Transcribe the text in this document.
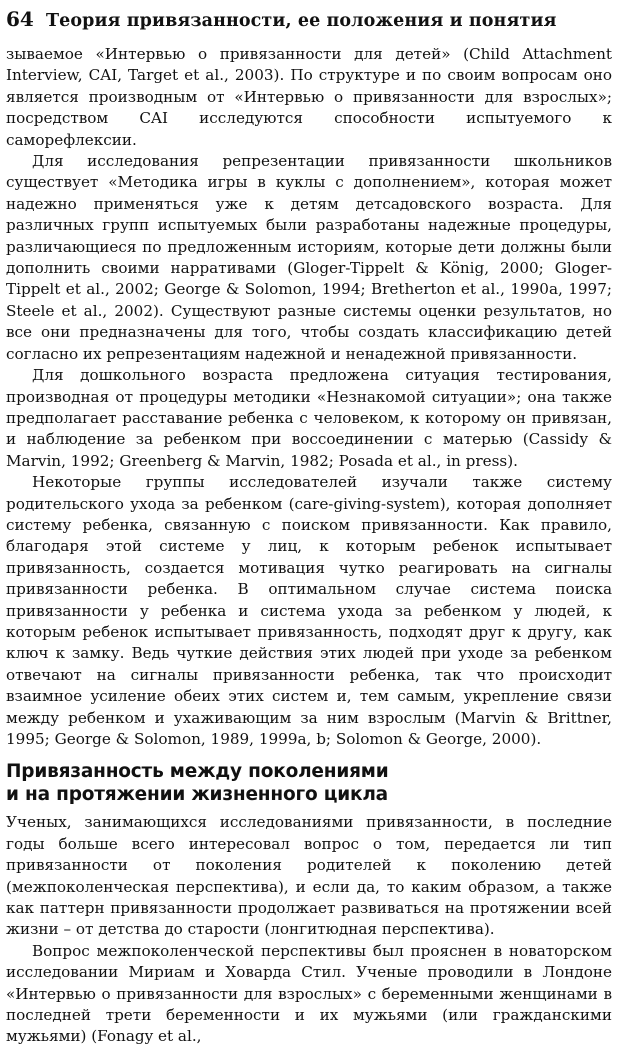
64 Теория привязанности, ее положения и понятия

зываемое «Интервью о привязанности для детей» (Child Attachment Interview, CAI, Target et al., 2003). По структуре и по своим вопросам оно является производным от «Интервью о привязанности для взрослых»; посредством CAI исследуются способности испытуемого к саморефлексии.

Для исследования репрезентации привязанности школьников существует «Методика игры в куклы с дополнением», которая может надежно применяться уже к детям детсадовского возраста. Для различных групп испытуемых были разработаны надежные процедуры, различающиеся по предложенным историям, которые дети должны были дополнить своими нарративами (Gloger-Tippelt & König, 2000; Gloger-Tippelt et al., 2002; George & Solomon, 1994; Bretherton et al., 1990a, 1997; Steele et al., 2002). Существуют разные системы оценки результатов, но все они предназначены для того, чтобы создать классификацию детей согласно их репрезентациям надежной и ненадежной привязанности.

Для дошкольного возраста предложена ситуация тестирования, производная от процедуры методики «Незнакомой ситуации»; она также предполагает расставание ребенка с человеком, к которому он привязан, и наблюдение за ребенком при воссоединении с матерью (Cassidy & Marvin, 1992; Greenberg & Marvin, 1982; Posada et al., in press).

Некоторые группы исследователей изучали также систему родительского ухода за ребенком (care-giving-system), которая дополняет систему ребенка, связанную с поиском привязанности. Как правило, благодаря этой системе у лиц, к которым ребенок испытывает привязанность, создается мотивация чутко реагировать на сигналы привязанности ребенка. В оптимальном случае система поиска привязанности у ребенка и система ухода за ребенком у людей, к которым ребенок испытывает привязанность, подходят друг к другу, как ключ к замку. Ведь чуткие действия этих людей при уходе за ребенком отвечают на сигналы привязанности ребенка, так что происходит взаимное усиление обеих этих систем и, тем самым, укрепление связи между ребенком и ухаживающим за ним взрослым (Marvin & Brittner, 1995; George & Solomon, 1989, 1999a, b; Solomon & George, 2000).

Привязанность между поколениями
и на протяжении жизненного цикла

Ученых, занимающихся исследованиями привязанности, в последние годы больше всего интересовал вопрос о том, передается ли тип привязанности от поколения родителей к поколению детей (межпоколенческая перспектива), и если да, то каким образом, а также как паттерн привязанности продолжает развиваться на протяжении всей жизни – от детства до старости (лонгитюдная перспектива).

Вопрос межпоколенческой перспективы был прояснен в новаторском исследовании Мириам и Ховарда Стил. Ученые проводили в Лондоне «Интервью о привязанности для взрослых» с беременными женщинами в последней трети беременности и их мужьями (или гражданскими мужьями) (Fonagy et al.,
